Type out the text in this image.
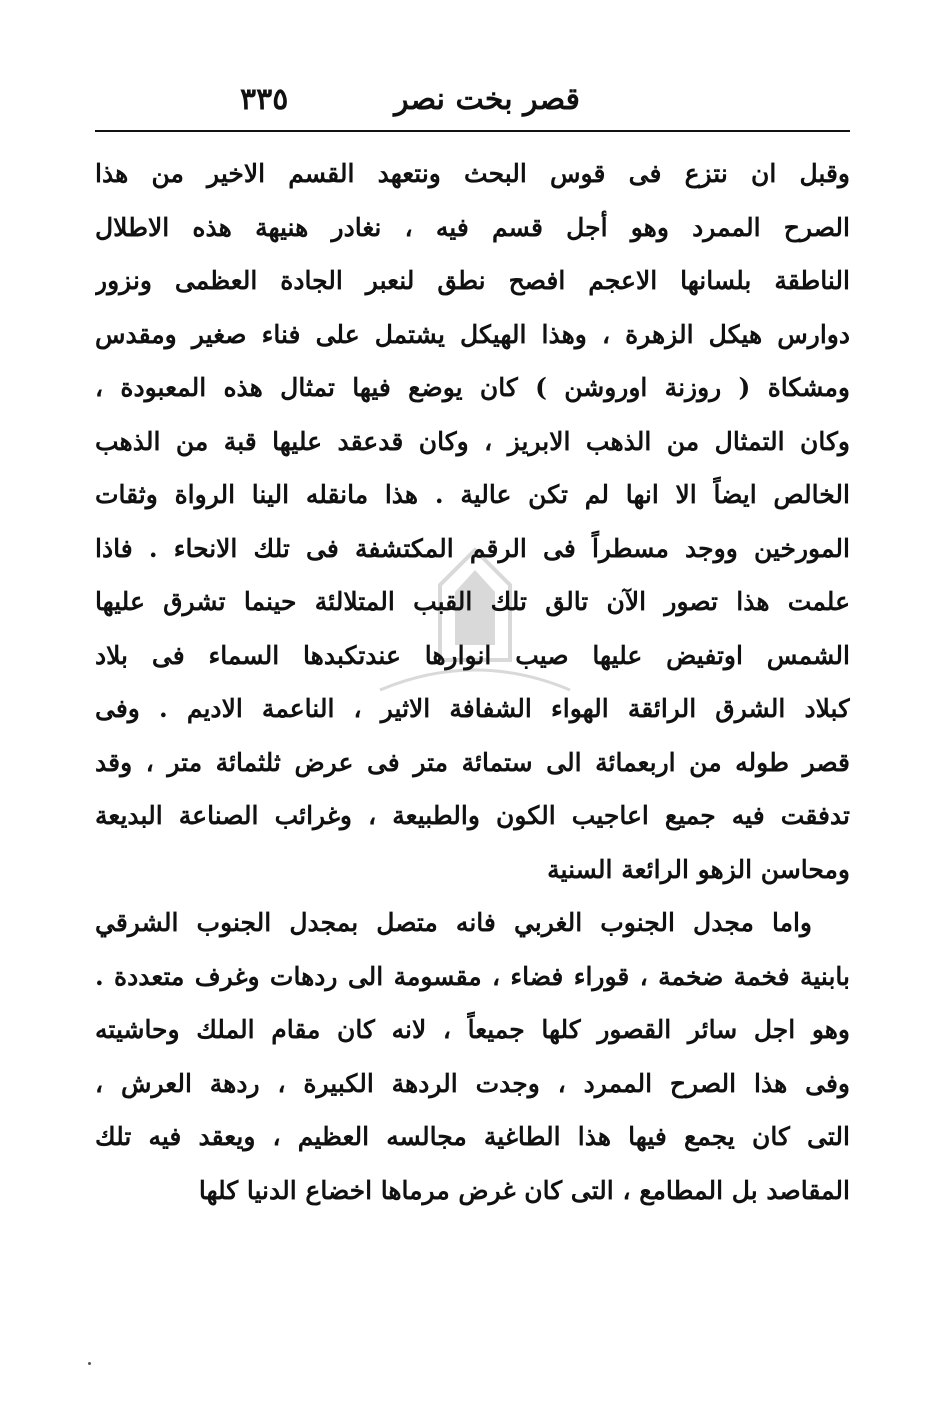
قصر بخت نصر
٣٣٥
وقبل ان نتزع فى قوس البحث ونتعهد القسم الاخير من هذا
الصرح الممرد وهو أجل قسم فيه ، نغادر هنيهة هذه الاطلال
الناطقة بلسانها الاعجم افصح نطق لنعبر الجادة العظمى ونزور
دوارس هيكل الزهرة ، وهذا الهيكل يشتمل على فناء صغير ومقدس
ومشكاة ( روزنة اوروشن ) كان يوضع فيها تمثال هذه المعبودة ،
وكان التمثال من الذهب الابريز ، وكان قدعقد عليها قبة من الذهب
الخالص ايضاً الا انها لم تكن عالية . هذا مانقله الينا الرواة وثقات
المورخين ووجد مسطراً فى الرقم المكتشفة فى تلك الانحاء . فاذا
علمت هذا تصور الآن تالق تلك القبب المتلالئة حينما تشرق عليها
الشمس اوتفيض عليها صيب انوارها عندتكبدها السماء فى بلاد
كبلاد الشرق الرائقة الهواء الشفافة الاثير ، الناعمة الاديم . وفى
قصر طوله من اربعمائة الى ستمائة متر فى عرض ثلثمائة متر ، وقد
تدفقت فيه جميع اعاجيب الكون والطبيعة ، وغرائب الصناعة البديعة
ومحاسن الزهو الرائعة السنية
واما مجدل الجنوب الغربي فانه متصل بمجدل الجنوب الشرقي
بابنية فخمة ضخمة ، قوراء فضاء ، مقسومة الى ردهات وغرف متعددة .
وهو اجل سائر القصور كلها جميعاً ، لانه كان مقام الملك وحاشيته
وفى هذا الصرح الممرد ، وجدت الردهة الكبيرة ، ردهة العرش ،
التى كان يجمع فيها هذا الطاغية مجالسه العظيم ، ويعقد فيه تلك
المقاصد بل المطامع ، التى كان غرض مرماها اخضاع الدنيا كلها
